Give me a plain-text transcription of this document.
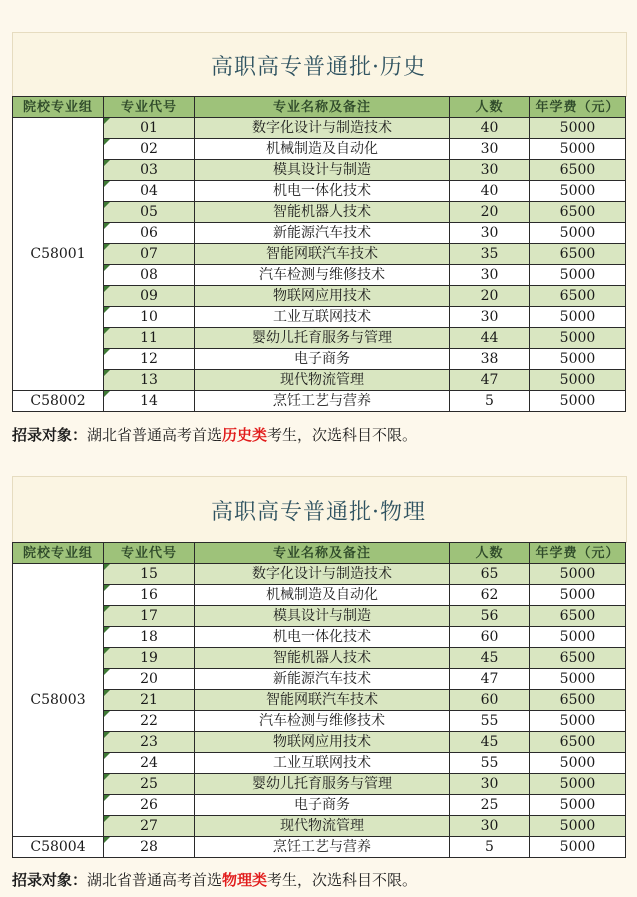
高职高专普通批·历史
院校专业组	专业代号	专业名称及备注	人数	年学费（元）
C58001	01	数字化设计与制造技术	40	5000
	02	机械制造及自动化	30	5000
	03	模具设计与制造	30	6500
	04	机电一体化技术	40	5000
	05	智能机器人技术	20	6500
	06	新能源汽车技术	30	5000
	07	智能网联汽车技术	35	6500
	08	汽车检测与维修技术	30	5000
	09	物联网应用技术	20	6500
	10	工业互联网技术	30	5000
	11	婴幼儿托育服务与管理	44	5000
	12	电子商务	38	5000
	13	现代物流管理	47	5000
C58002	14	烹饪工艺与营养	5	5000
招录对象：湖北省普通高考首选历史类考生，次选科目不限。
高职高专普通批·物理
院校专业组	专业代号	专业名称及备注	人数	年学费（元）
C58003	15	数字化设计与制造技术	65	5000
	16	机械制造及自动化	62	5000
	17	模具设计与制造	56	6500
	18	机电一体化技术	60	5000
	19	智能机器人技术	45	6500
	20	新能源汽车技术	47	5000
	21	智能网联汽车技术	60	6500
	22	汽车检测与维修技术	55	5000
	23	物联网应用技术	45	6500
	24	工业互联网技术	55	5000
	25	婴幼儿托育服务与管理	30	5000
	26	电子商务	25	5000
	27	现代物流管理	30	5000
C58004	28	烹饪工艺与营养	5	5000
招录对象：湖北省普通高考首选物理类考生，次选科目不限。
